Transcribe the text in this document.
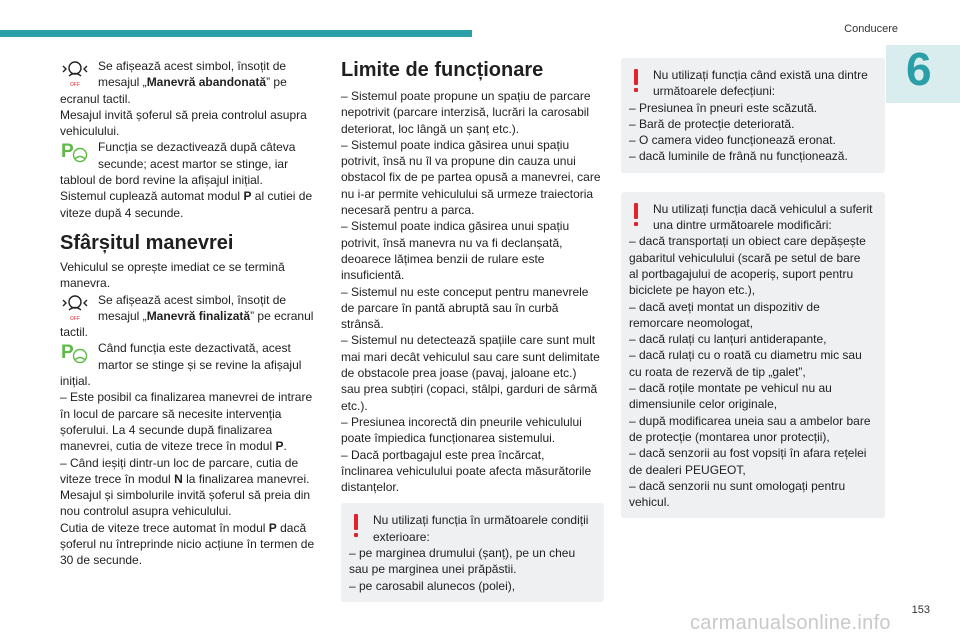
Conducere
6
OFF
Se afișează acest simbol, însoțit de
mesajul „Manevră abandonată” pe
ecranul tactil.
Mesajul invită șoferul să preia controlul asupra
vehiculului.
P	Funcția se dezactivează după câteva
secunde; acest martor se stinge, iar
tabloul de bord revine la afișajul inițial.
Sistemul cuplează automat modul P al cutiei de
viteze după 4 secunde.
Sfârșitul manevrei
Vehiculul se oprește imediat ce se termină
manevra.
OFF
Se afișează acest simbol, însoțit de
mesajul „Manevră finalizată” pe ecranul
tactil.
P	Când funcția este dezactivată, acest
martor se stinge și se revine la afișajul
inițial.
– Este posibil ca finalizarea manevrei de intrare
în locul de parcare să necesite intervenția
șoferului. La 4 secunde după finalizarea
manevrei, cutia de viteze trece în modul P.
– Când ieșiți dintr-un loc de parcare, cutia de
viteze trece în modul N la finalizarea manevrei.
Mesajul și simbolurile invită șoferul să preia din
nou controlul asupra vehiculului.
Cutia de viteze trece automat în modul P dacă
șoferul nu întreprinde nicio acțiune în termen de
30 de secunde.
Limite de funcționare
– Sistemul poate propune un spațiu de parcare
nepotrivit (parcare interzisă, lucrări la carosabil
deteriorat, loc lângă un șanț etc.).
– Sistemul poate indica găsirea unui spațiu
potrivit, însă nu îl va propune din cauza unui
obstacol fix de pe partea opusă a manevrei, care
nu i-ar permite vehiculului să urmeze traiectoria
necesară pentru a parca.
– Sistemul poate indica găsirea unui spațiu
potrivit, însă manevra nu va fi declanșată,
deoarece lățimea benzii de rulare este
insuficientă.
– Sistemul nu este conceput pentru manevrele
de parcare în pantă abruptă sau în curbă
strânsă.
– Sistemul nu detectează spațiile care sunt mult
mai mari decât vehiculul sau care sunt delimitate
de obstacole prea joase (pavaj, jaloane etc.)
sau prea subțiri (copaci, stâlpi, garduri de sârmă
etc.).
– Presiunea incorectă din pneurile vehiculului
poate împiedica funcționarea sistemului.
– Dacă portbagajul este prea încărcat,
înclinarea vehiculului poate afecta măsurătorile
distanțelor.
Nu utilizați funcția în următoarele condiții
exterioare:
– pe marginea drumului (șanț), pe un cheu
sau pe marginea unei prăpăstii.
– pe carosabil alunecos (polei),
Nu utilizați funcția când există una dintre
următoarele defecțiuni:
– Presiunea în pneuri este scăzută.
– Bară de protecție deteriorată.
– O camera video funcționează eronat.
– dacă luminile de frână nu funcționează.
Nu utilizați funcția dacă vehiculul a suferit
una dintre următoarele modificări:
– dacă transportați un obiect care depășește
gabaritul vehiculului (scară pe setul de bare
al portbagajului de acoperiș, suport pentru
biciclete pe hayon etc.),
– dacă aveți montat un dispozitiv de
remorcare neomologat,
– dacă rulați cu lanțuri antiderapante,
– dacă rulați cu o roată cu diametru mic sau
cu roata de rezervă de tip „galet”,
– dacă roțile montate pe vehicul nu au
dimensiunile celor originale,
– după modificarea uneia sau a ambelor bare
de protecție (montarea unor protecții),
– dacă senzorii au fost vopsiți în afara rețelei
de dealeri PEUGEOT,
– dacă senzorii nu sunt omologați pentru
vehicul.
153
carmanualsonline.info
